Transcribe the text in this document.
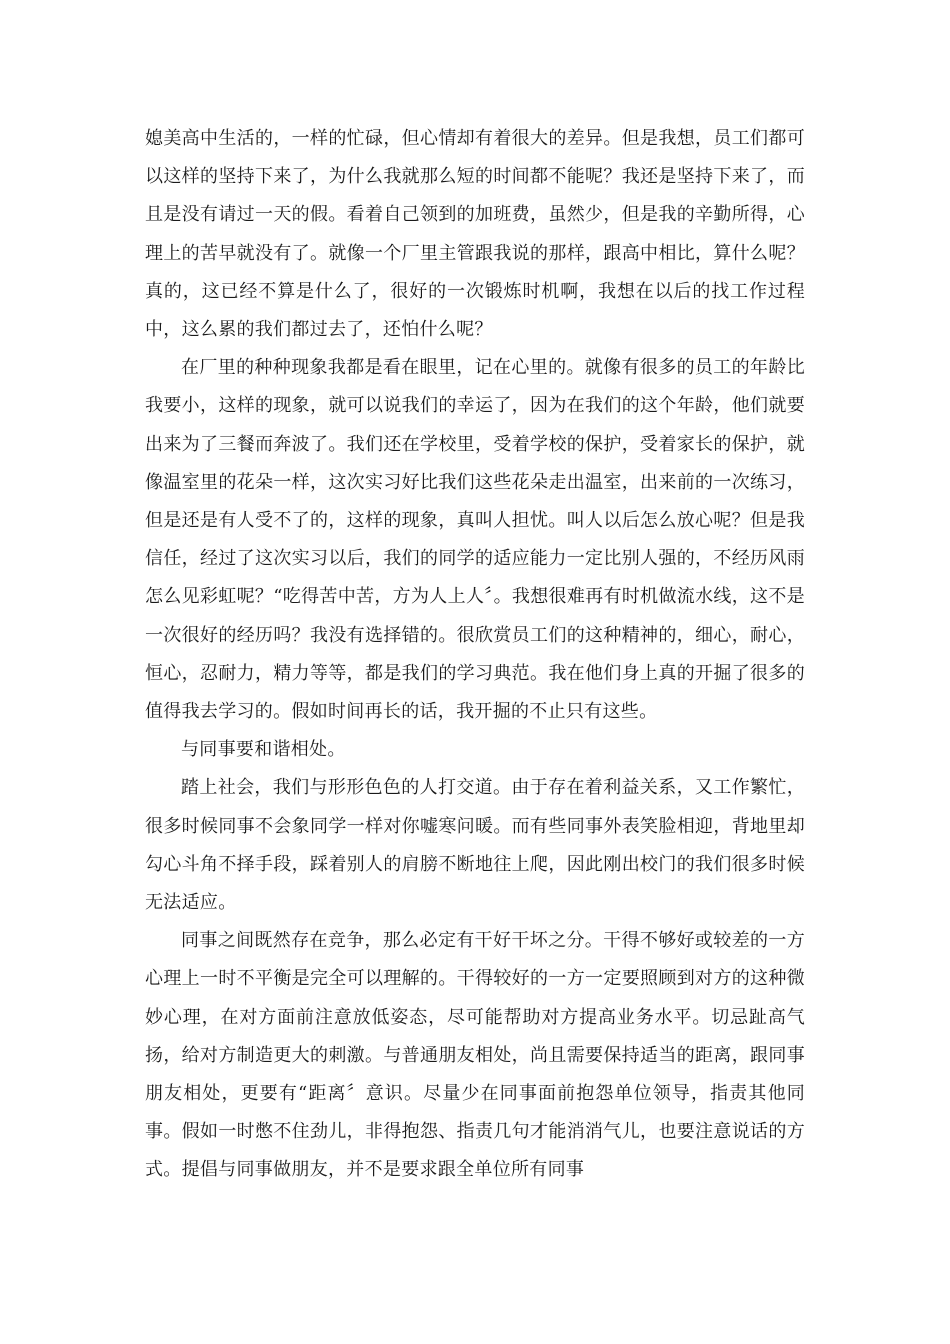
媳美高中生活的，一样的忙碌，但心情却有着很大的差异。但是我想，员工们都可以这样的坚持下来了，为什么我就那么短的时间都不能呢？我还是坚持下来了，而且是没有请过一天的假。看着自己领到的加班费，虽然少，但是我的辛勤所得，心理上的苦早就没有了。就像一个厂里主管跟我说的那样，跟高中相比，算什么呢？真的，这已经不算是什么了，很好的一次锻炼时机啊，我想在以后的找工作过程中，这么累的我们都过去了，还怕什么呢？

在厂里的种种现象我都是看在眼里，记在心里的。就像有很多的员工的年龄比我要小，这样的现象，就可以说我们的幸运了，因为在我们的这个年龄，他们就要出来为了三餐而奔波了。我们还在学校里，受着学校的保护，受着家长的保护，就像温室里的花朵一样，这次实习好比我们这些花朵走出温室，出来前的一次练习，但是还是有人受不了的，这样的现象，真叫人担忧。叫人以后怎么放心呢？但是我信任，经过了这次实习以后，我们的同学的适应能力一定比别人强的，不经历风雨怎么见彩虹呢？“吃得苦中苦，方为人上人〞。我想很难再有时机做流水线，这不是一次很好的经历吗？我没有选择错的。很欣赏员工们的这种精神的，细心，耐心，恒心，忍耐力，精力等等，都是我们的学习典范。我在他们身上真的开掘了很多的值得我去学习的。假如时间再长的话，我开掘的不止只有这些。

与同事要和谐相处。

踏上社会，我们与形形色色的人打交道。由于存在着利益关系，又工作繁忙，很多时候同事不会象同学一样对你嘘寒问暖。而有些同事外表笑脸相迎，背地里却勾心斗角不择手段，踩着别人的肩膀不断地往上爬，因此刚出校门的我们很多时候无法适应。

同事之间既然存在竞争，那么必定有干好干坏之分。干得不够好或较差的一方心理上一时不平衡是完全可以理解的。干得较好的一方一定要照顾到对方的这种微妙心理，在对方面前注意放低姿态，尽可能帮助对方提高业务水平。切忌趾高气扬，给对方制造更大的刺激。与普通朋友相处，尚且需要保持适当的距离，跟同事朋友相处，更要有“距离〞意识。尽量少在同事面前抱怨单位领导，指责其他同事。假如一时憋不住劲儿，非得抱怨、指责几句才能消消气儿，也要注意说话的方式。提倡与同事做朋友，并不是要求跟全单位所有同事
